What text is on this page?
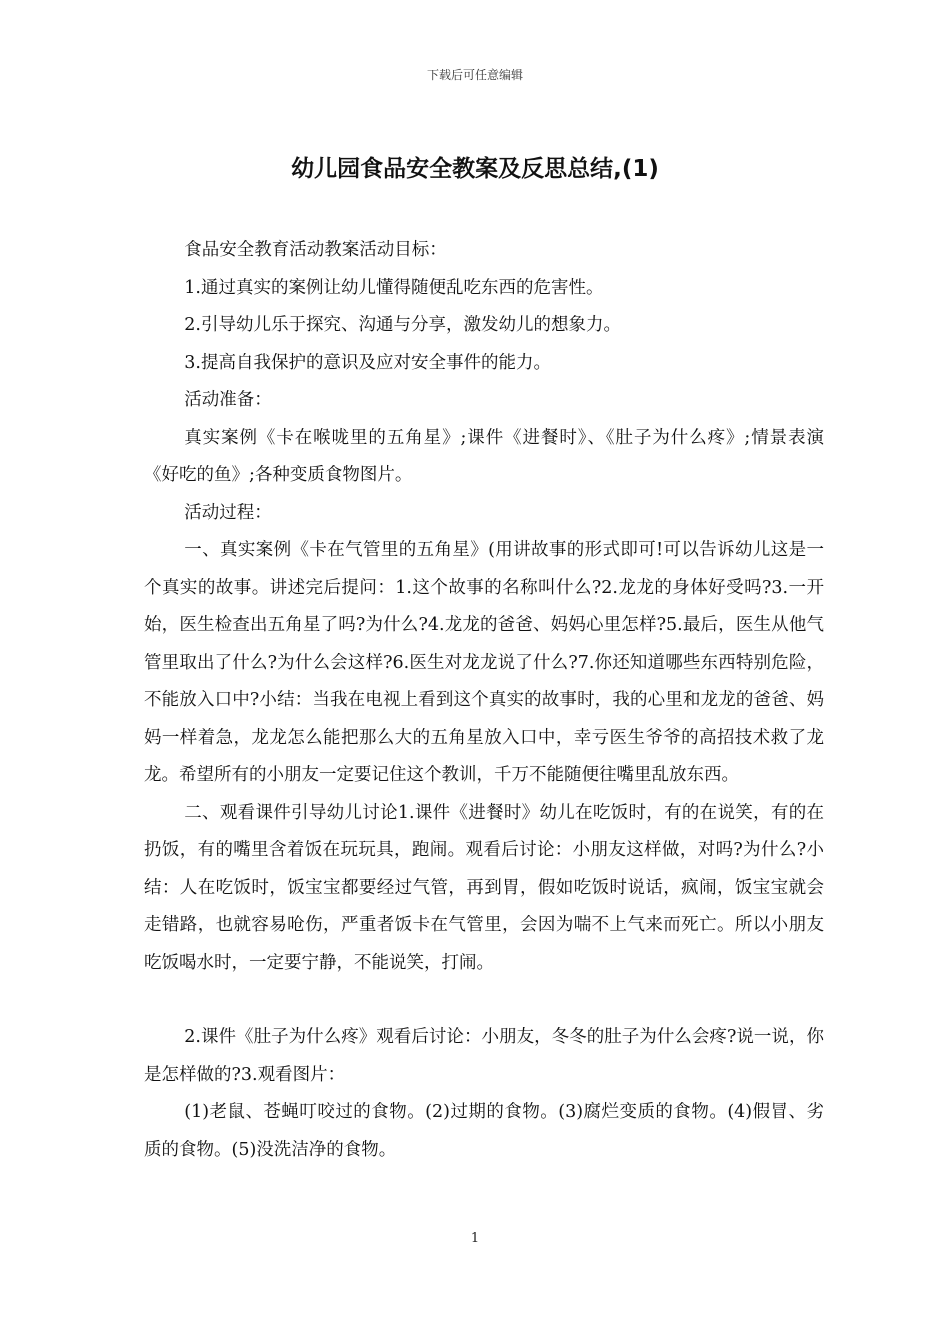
下载后可任意编辑
幼儿园食品安全教案及反思总结,(1)

食品安全教育活动教案活动目标：

1.通过真实的案例让幼儿懂得随便乱吃东西的危害性。

2.引导幼儿乐于探究、沟通与分享，激发幼儿的想象力。

3.提高自我保护的意识及应对安全事件的能力。

活动准备：

真实案例《卡在喉咙里的五角星》;课件《进餐时》、《肚子为什么疼》;情景表演《好吃的鱼》;各种变质食物图片。

活动过程：

一、真实案例《卡在气管里的五角星》(用讲故事的形式即可!可以告诉幼儿这是一个真实的故事。讲述完后提问：1.这个故事的名称叫什么?2.龙龙的身体好受吗?3.一开始，医生检查出五角星了吗?为什么?4.龙龙的爸爸、妈妈心里怎样?5.最后，医生从他气管里取出了什么?为什么会这样?6.医生对龙龙说了什么?7.你还知道哪些东西特别危险，不能放入口中?小结：当我在电视上看到这个真实的故事时，我的心里和龙龙的爸爸、妈妈一样着急，龙龙怎么能把那么大的五角星放入口中，幸亏医生爷爷的高招技术救了龙龙。希望所有的小朋友一定要记住这个教训，千万不能随便往嘴里乱放东西。

二、观看课件引导幼儿讨论1.课件《进餐时》幼儿在吃饭时，有的在说笑，有的在扔饭，有的嘴里含着饭在玩玩具，跑闹。观看后讨论：小朋友这样做，对吗?为什么?小结：人在吃饭时，饭宝宝都要经过气管，再到胃，假如吃饭时说话，疯闹，饭宝宝就会走错路，也就容易呛伤，严重者饭卡在气管里，会因为喘不上气来而死亡。所以小朋友吃饭喝水时，一定要宁静，不能说笑，打闹。

2.课件《肚子为什么疼》观看后讨论：小朋友，冬冬的肚子为什么会疼?说一说，你是怎样做的?3.观看图片：

(1)老鼠、苍蝇叮咬过的食物。(2)过期的食物。(3)腐烂变质的食物。(4)假冒、劣质的食物。(5)没洗洁净的食物。

1
